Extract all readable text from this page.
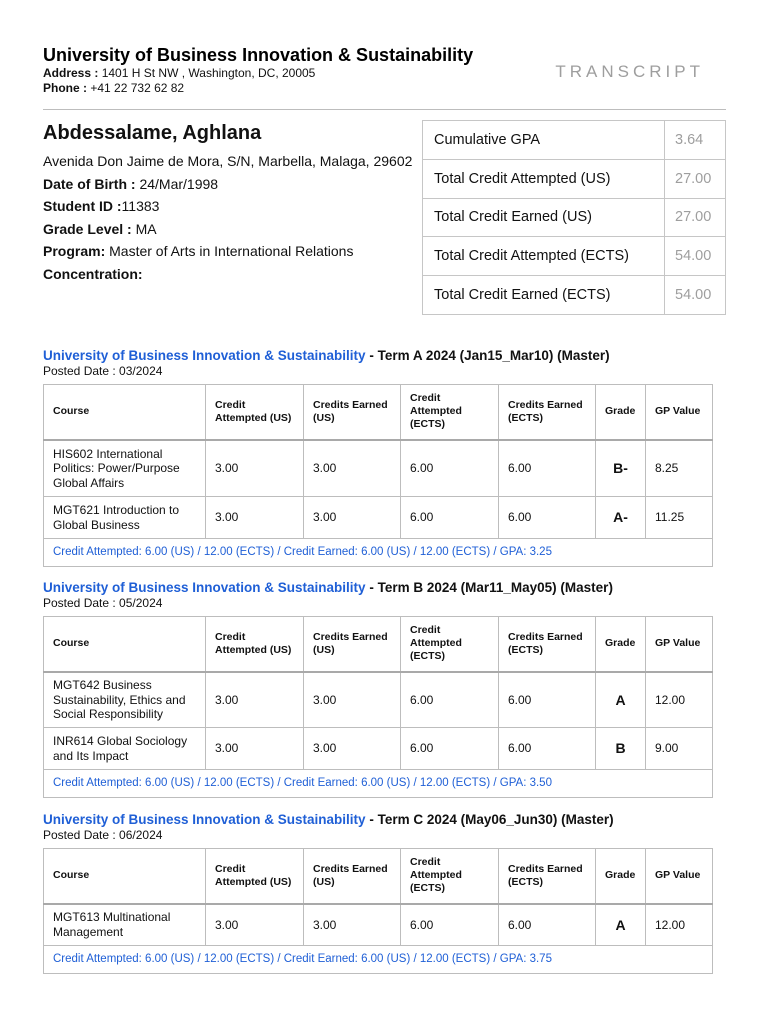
University of Business Innovation & Sustainability
Address : 1401 H St NW , Washington, DC, 20005
Phone : +41 22 732 62 82
TRANSCRIPT
Abdessalame, Aghlana
Avenida Don Jaime de Mora, S/N, Marbella, Malaga, 29602
Date of Birth : 24/Mar/1998
Student ID :11383
Grade Level : MA
Program: Master of Arts in International Relations
Concentration:
Cumulative GPA	3.64
Total Credit Attempted (US)	27.00
Total Credit Earned (US)	27.00
Total Credit Attempted (ECTS)	54.00
Total Credit Earned (ECTS)	54.00
University of Business Innovation & Sustainability - Term A 2024 (Jan15_Mar10) (Master)
Posted Date : 03/2024
Course	Credit Attempted (US)	Credits Earned (US)	Credit Attempted (ECTS)	Credits Earned (ECTS)	Grade	GP Value
HIS602 International Politics: Power/Purpose Global Affairs	3.00	3.00	6.00	6.00	B-	8.25
MGT621 Introduction to Global Business	3.00	3.00	6.00	6.00	A-	11.25
Credit Attempted: 6.00 (US) / 12.00 (ECTS) / Credit Earned: 6.00 (US) / 12.00 (ECTS) / GPA: 3.25						
University of Business Innovation & Sustainability - Term B 2024 (Mar11_May05) (Master)
Posted Date : 05/2024
Course	Credit Attempted (US)	Credits Earned (US)	Credit Attempted (ECTS)	Credits Earned (ECTS)	Grade	GP Value
MGT642 Business Sustainability, Ethics and Social Responsibility	3.00	3.00	6.00	6.00	A	12.00
INR614 Global Sociology and Its Impact	3.00	3.00	6.00	6.00	B	9.00
Credit Attempted: 6.00 (US) / 12.00 (ECTS) / Credit Earned: 6.00 (US) / 12.00 (ECTS) / GPA: 3.50						
University of Business Innovation & Sustainability - Term C 2024 (May06_Jun30) (Master)
Posted Date : 06/2024
Course	Credit Attempted (US)	Credits Earned (US)	Credit Attempted (ECTS)	Credits Earned (ECTS)	Grade	GP Value
MGT613 Multinational Management	3.00	3.00	6.00	6.00	A	12.00
Credit Attempted: 6.00 (US) / 12.00 (ECTS) / Credit Earned: 6.00 (US) / 12.00 (ECTS) / GPA: 3.75						
